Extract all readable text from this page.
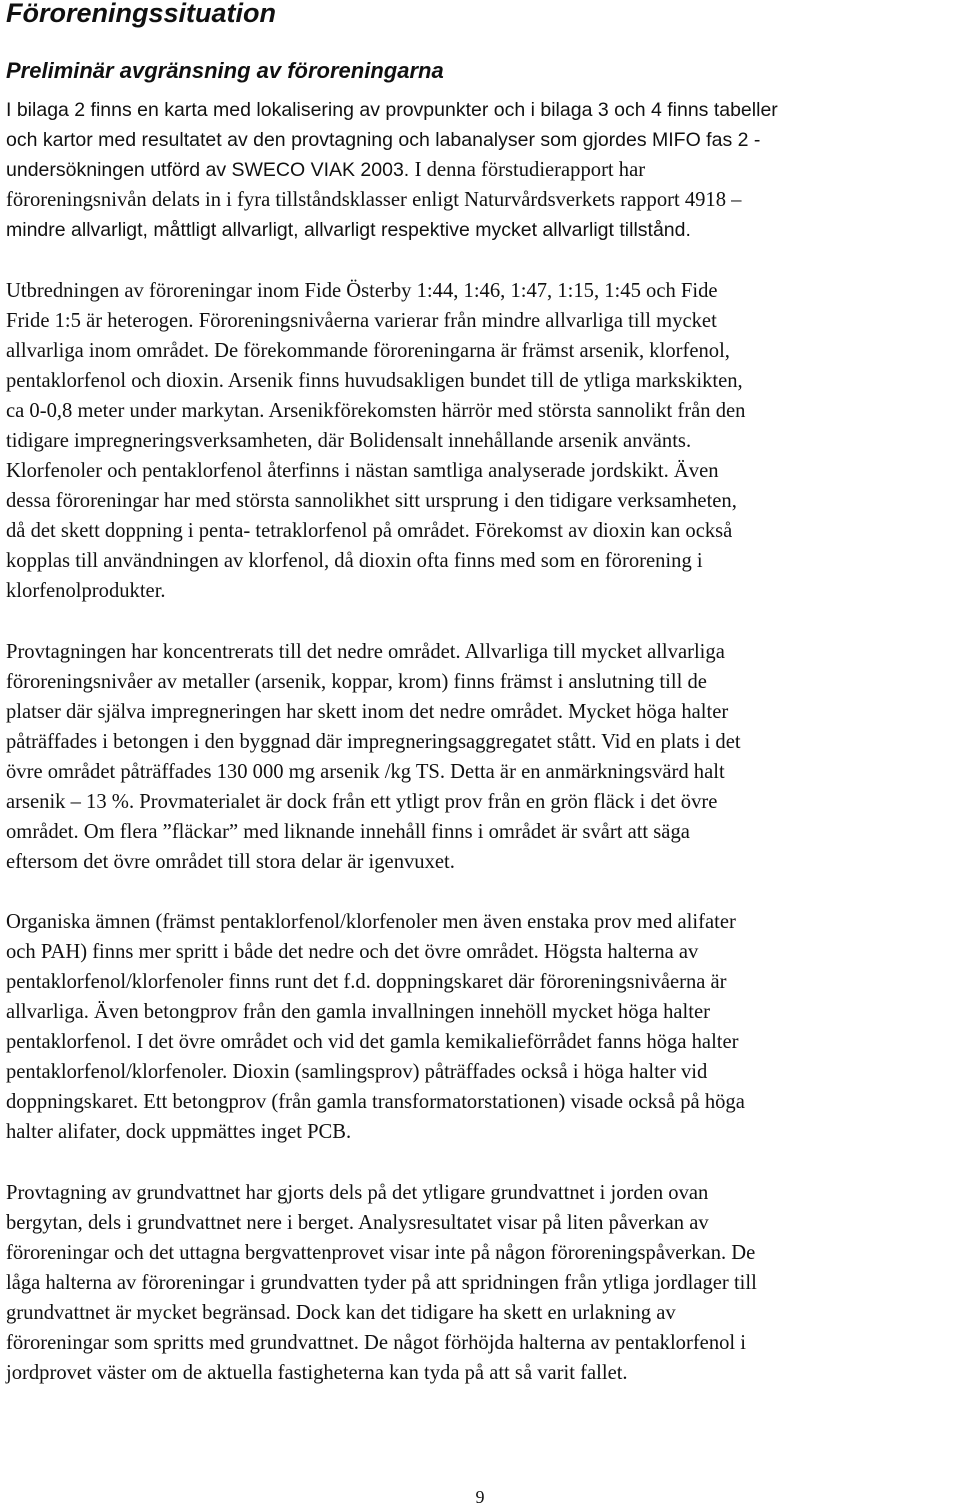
Föroreningssituation
Preliminär avgränsning av föroreningarna
I bilaga 2 finns en karta med lokalisering av provpunkter och i bilaga 3 och 4 finns tabeller
och kartor med resultatet av den provtagning och labanalyser som gjordes MIFO fas 2 -
undersökningen utförd av SWECO VIAK 2003. I denna förstudierapport har
föroreningsnivån delats in i fyra tillståndsklasser enligt Naturvårdsverkets rapport 4918 –
mindre allvarligt, måttligt allvarligt, allvarligt respektive mycket allvarligt tillstånd.
Utbredningen av föroreningar inom Fide Österby 1:44, 1:46, 1:47, 1:15, 1:45 och Fide
Fride 1:5 är heterogen. Föroreningsnivåerna varierar från mindre allvarliga till mycket
allvarliga inom området. De förekommande föroreningarna är främst arsenik, klorfenol,
pentaklorfenol och dioxin. Arsenik finns huvudsakligen bundet till de ytliga markskikten,
ca 0-0,8 meter under markytan. Arsenikförekomsten härrör med största sannolikt från den
tidigare impregneringsverksamheten, där Bolidensalt innehållande arsenik använts.
Klorfenoler och pentaklorfenol återfinns i nästan samtliga analyserade jordskikt. Även
dessa föroreningar har med största sannolikhet sitt ursprung i den tidigare verksamheten,
då det skett doppning i penta- tetraklorfenol på området. Förekomst av dioxin kan också
kopplas till användningen av klorfenol, då dioxin ofta finns med som en förorening i
klorfenolprodukter.
Provtagningen har koncentrerats till det nedre området. Allvarliga till mycket allvarliga
föroreningsnivåer av metaller (arsenik, koppar, krom) finns främst i anslutning till de
platser där själva impregneringen har skett inom det nedre området. Mycket höga halter
påträffades i betongen i den byggnad där impregneringsaggregatet stått. Vid en plats i det
övre området påträffades 130 000 mg arsenik /kg TS. Detta är en anmärkningsvärd halt
arsenik – 13 %. Provmaterialet är dock från ett ytligt prov från en grön fläck i det övre
området. Om flera ”fläckar” med liknande innehåll finns i området är svårt att säga
eftersom det övre området till stora delar är igenvuxet.
Organiska ämnen (främst pentaklorfenol/klorfenoler men även enstaka prov med alifater
och PAH) finns mer spritt i både det nedre och det övre området. Högsta halterna av
pentaklorfenol/klorfenoler finns runt det f.d. doppningskaret där föroreningsnivåerna är
allvarliga. Även betongprov från den gamla invallningen innehöll mycket höga halter
pentaklorfenol. I det övre området och vid det gamla kemikalieförrådet fanns höga halter
pentaklorfenol/klorfenoler. Dioxin (samlingsprov) påträffades också i höga halter vid
doppningskaret. Ett betongprov (från gamla transformatorstationen) visade också på höga
halter alifater, dock uppmättes inget PCB.
Provtagning av grundvattnet har gjorts dels på det ytligare grundvattnet i jorden ovan
bergytan, dels i grundvattnet nere i berget. Analysresultatet visar på liten påverkan av
föroreningar och det uttagna bergvattenprovet visar inte på någon föroreningspåverkan. De
låga halterna av föroreningar i grundvatten tyder på att spridningen från ytliga jordlager till
grundvattnet är mycket begränsad. Dock kan det tidigare ha skett en urlakning av
föroreningar som spritts med grundvattnet. De något förhöjda halterna av pentaklorfenol i
jordprovet väster om de aktuella fastigheterna kan tyda på att så varit fallet.
9
